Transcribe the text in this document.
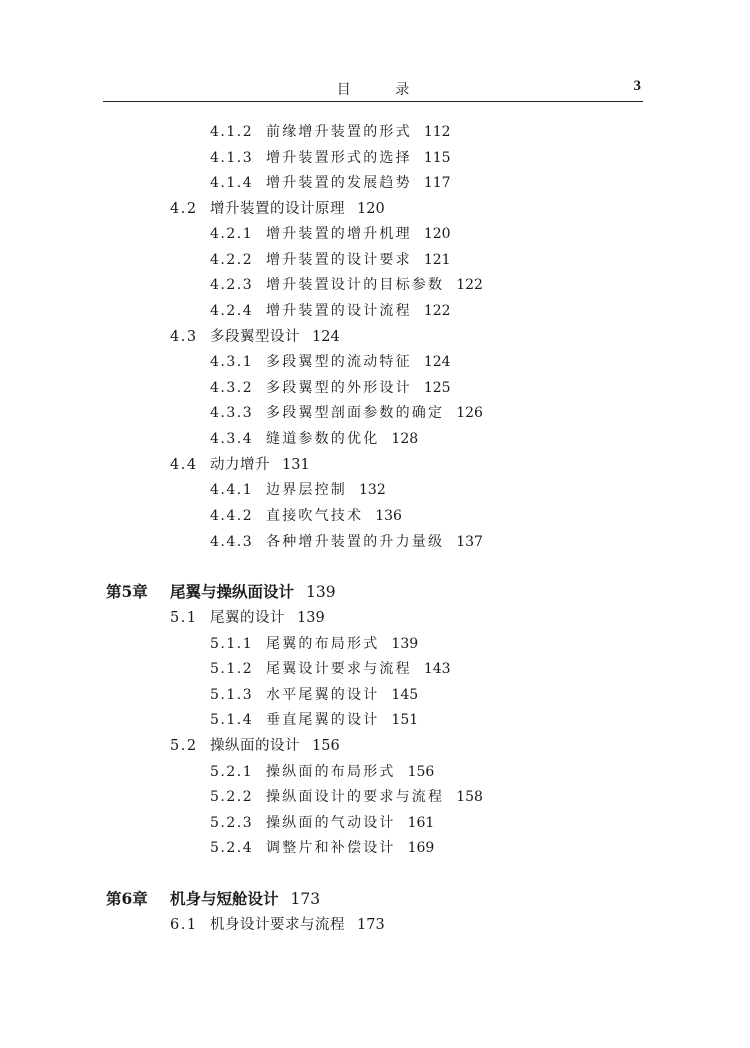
目 录	3
4.1.2 前缘增升装置的形式 112
4.1.3 增升装置形式的选择 115
4.1.4 增升装置的发展趋势 117
4.2 增升装置的设计原理 120
4.2.1 增升装置的增升机理 120
4.2.2 增升装置的设计要求 121
4.2.3 增升装置设计的目标参数 122
4.2.4 增升装置的设计流程 122
4.3 多段翼型设计 124
4.3.1 多段翼型的流动特征 124
4.3.2 多段翼型的外形设计 125
4.3.3 多段翼型剖面参数的确定 126
4.3.4 缝道参数的优化 128
4.4 动力增升 131
4.4.1 边界层控制 132
4.4.2 直接吹气技术 136
4.4.3 各种增升装置的升力量级 137
第5章 尾翼与操纵面设计 139
5.1 尾翼的设计 139
5.1.1 尾翼的布局形式 139
5.1.2 尾翼设计要求与流程 143
5.1.3 水平尾翼的设计 145
5.1.4 垂直尾翼的设计 151
5.2 操纵面的设计 156
5.2.1 操纵面的布局形式 156
5.2.2 操纵面设计的要求与流程 158
5.2.3 操纵面的气动设计 161
5.2.4 调整片和补偿设计 169
第6章 机身与短舱设计 173
6.1 机身设计要求与流程 173
